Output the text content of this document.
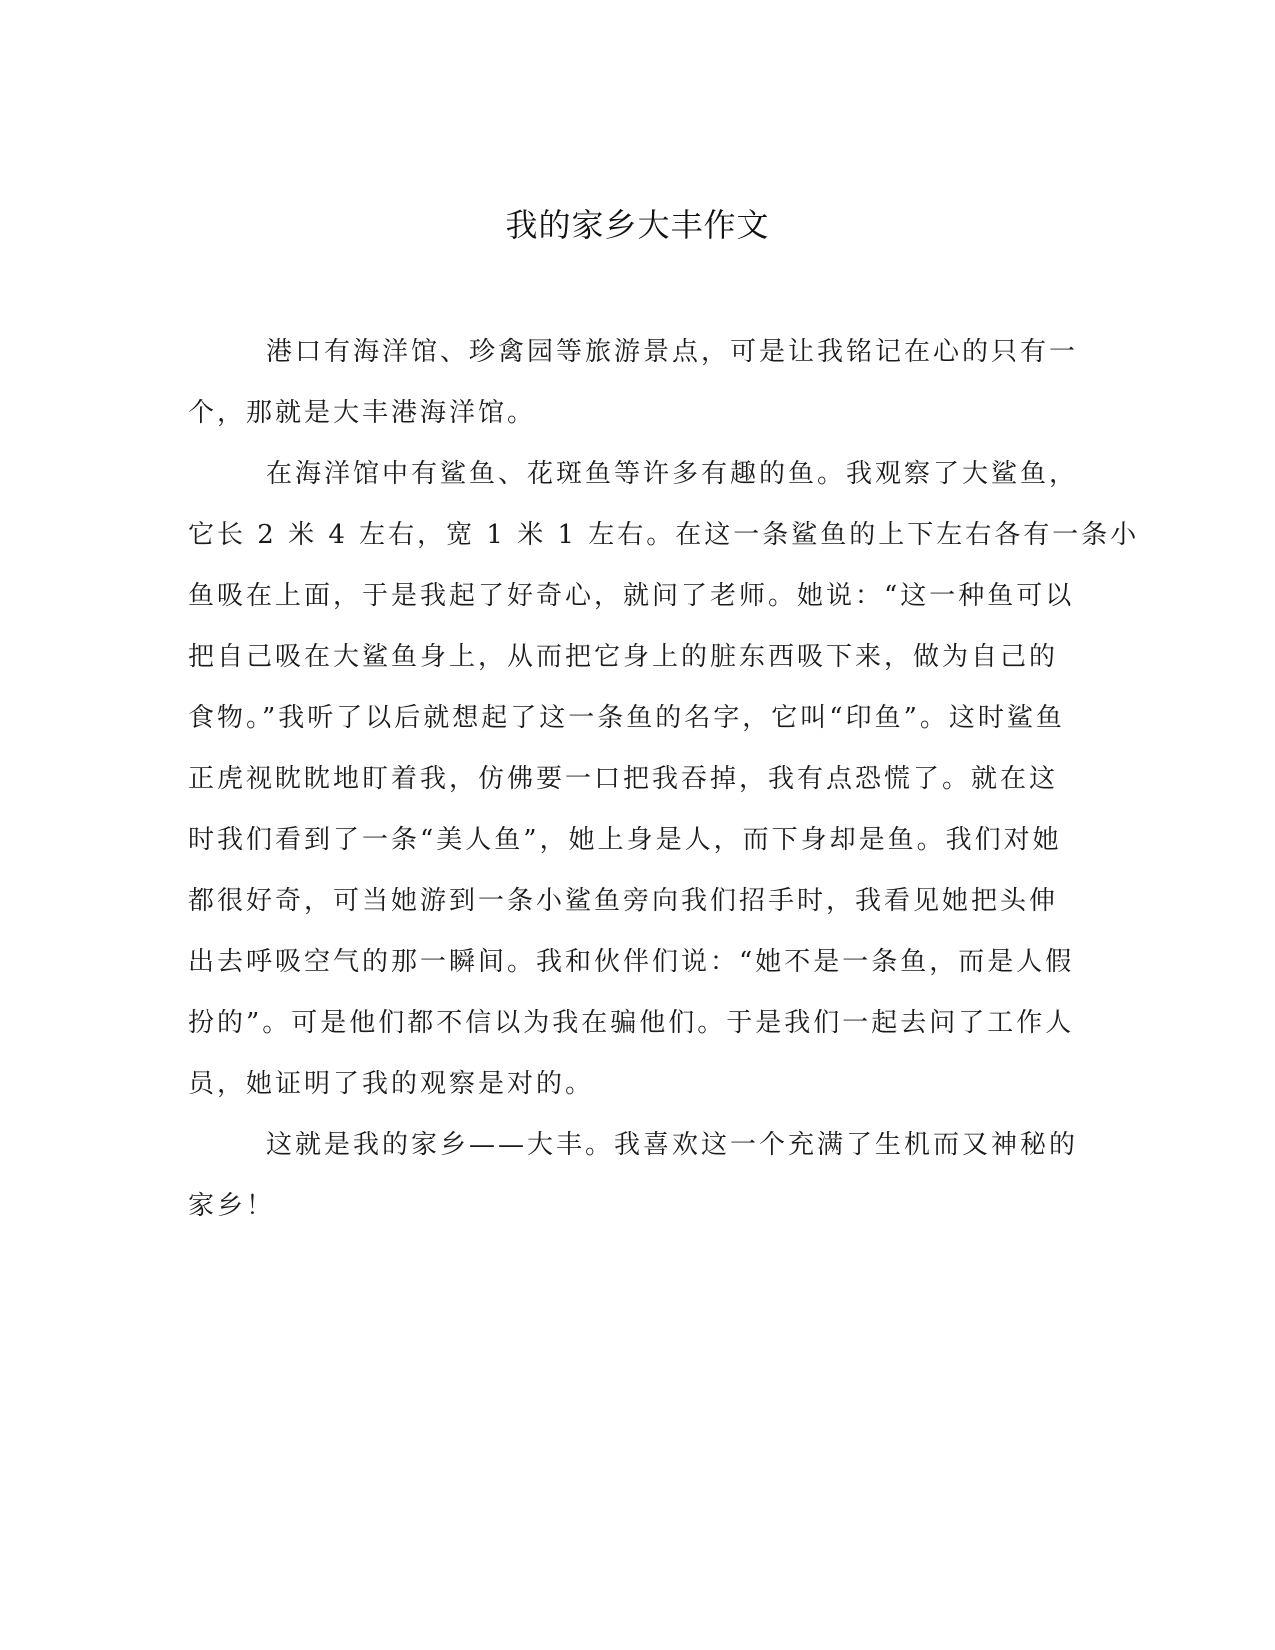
我的家乡大丰作文

港口有海洋馆、珍禽园等旅游景点，可是让我铭记在心的只有一
个，那就是大丰港海洋馆。

在海洋馆中有鲨鱼、花斑鱼等许多有趣的鱼。我观察了大鲨鱼，
它长 2 米 4 左右，宽 1 米 1 左右。在这一条鲨鱼的上下左右各有一条小
鱼吸在上面，于是我起了好奇心，就问了老师。她说：“这一种鱼可以
把自己吸在大鲨鱼身上，从而把它身上的脏东西吸下来，做为自己的
食物。”我听了以后就想起了这一条鱼的名字，它叫“印鱼”。这时鲨鱼
正虎视眈眈地盯着我，仿佛要一口把我吞掉，我有点恐慌了。就在这
时我们看到了一条“美人鱼”，她上身是人，而下身却是鱼。我们对她
都很好奇，可当她游到一条小鲨鱼旁向我们招手时，我看见她把头伸
出去呼吸空气的那一瞬间。我和伙伴们说：“她不是一条鱼，而是人假
扮的”。可是他们都不信以为我在骗他们。于是我们一起去问了工作人
员，她证明了我的观察是对的。

这就是我的家乡——大丰。我喜欢这一个充满了生机而又神秘的
家乡！
